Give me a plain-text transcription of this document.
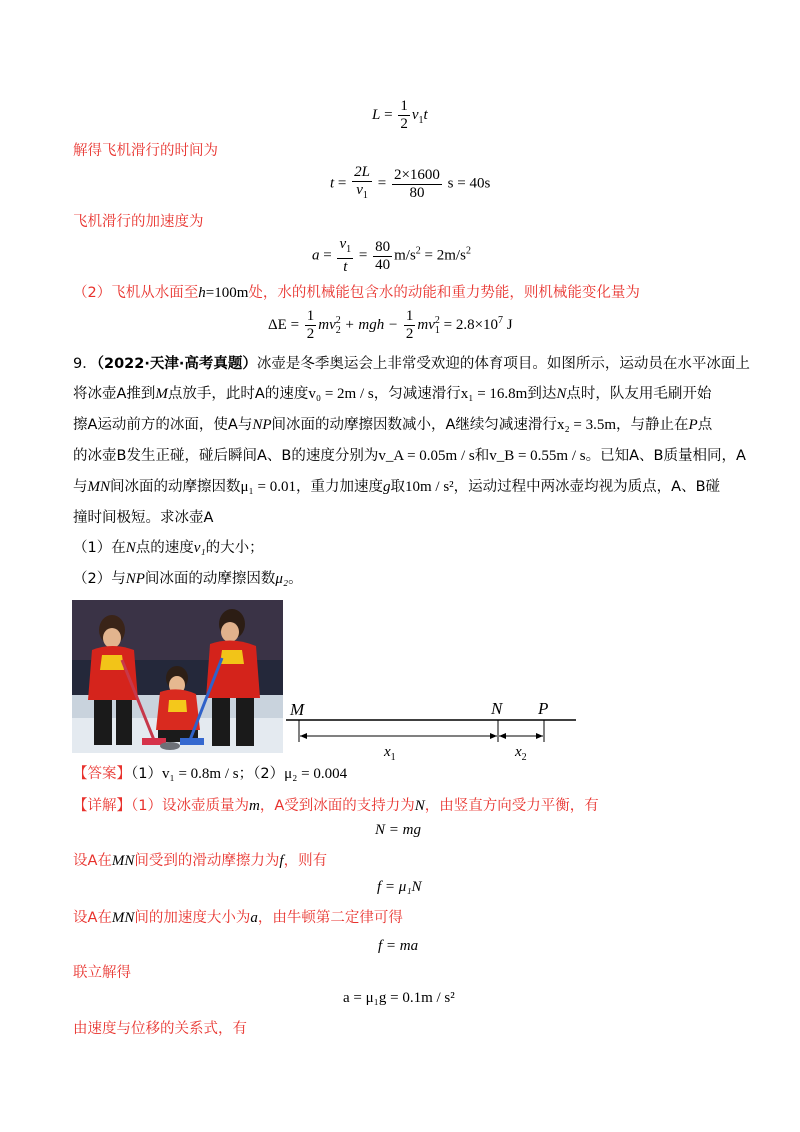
$L = \frac{1}{2} v_1t$
解得飞机滑行的时间为
$t = \frac{2L}{v_1} = \frac{2\times 1600}{80}$ s = 40s
飞机滑行的加速度为
$a = \frac{v_1}{t} = \frac{80}{40} m/s^2 = 2m/s^2$
（2）飞机从水面至h=100m处，水的机械能包含水的动能和重力势能，则机械能变化量为
$\Delta E = \frac{1}{2} mv_2^2$ + mgh − $\frac{1}{2} mv_1^2 = 2.8\times 10^7$ J
9．（2022·天津·高考真题）冰壶是冬季奥运会上非常受欢迎的体育项目。如图所示，运动员在水平冰面上
将冰壶A推到M点放手，此时A的速度v₀ = 2m / s，匀减速滑行x₁ = 16.8m到达N点时，队友用毛刷开始
擦A运动前方的冰面，使A与NP间冰面的动摩擦因数减小，A继续匀减速滑行x₂ = 3.5m，与静止在P点
的冰壶B发生正碰，碰后瞬间A、B的速度分别为v_A = 0.05m / s和v_B = 0.55m / s。已知A、B质量相同，A
与MN间冰面的动摩擦因数μ₁ = 0.01，重力加速度g取10m / s²，运动过程中两冰壶均视为质点，A、B碰
撞时间极短。求冰壶A
（1）在N点的速度v₁的大小；
（2）与NP间冰面的动摩擦因数μ₂。
M	N P
$x_1$	$x_2$
【答案】（1）v₁ = 0.8m / s；（2）μ₂ = 0.004
【详解】（1）设冰壶质量为m，A受到冰面的支持力为N，由竖直方向受力平衡，有
N = mg
设A在MN间受到的滑动摩擦力为f，则有
f = μ₁N
设A在MN间的加速度大小为a，由牛顿第二定律可得
f = ma
联立解得
a = μ₁g = 0.1m / s²
由速度与位移的关系式，有
